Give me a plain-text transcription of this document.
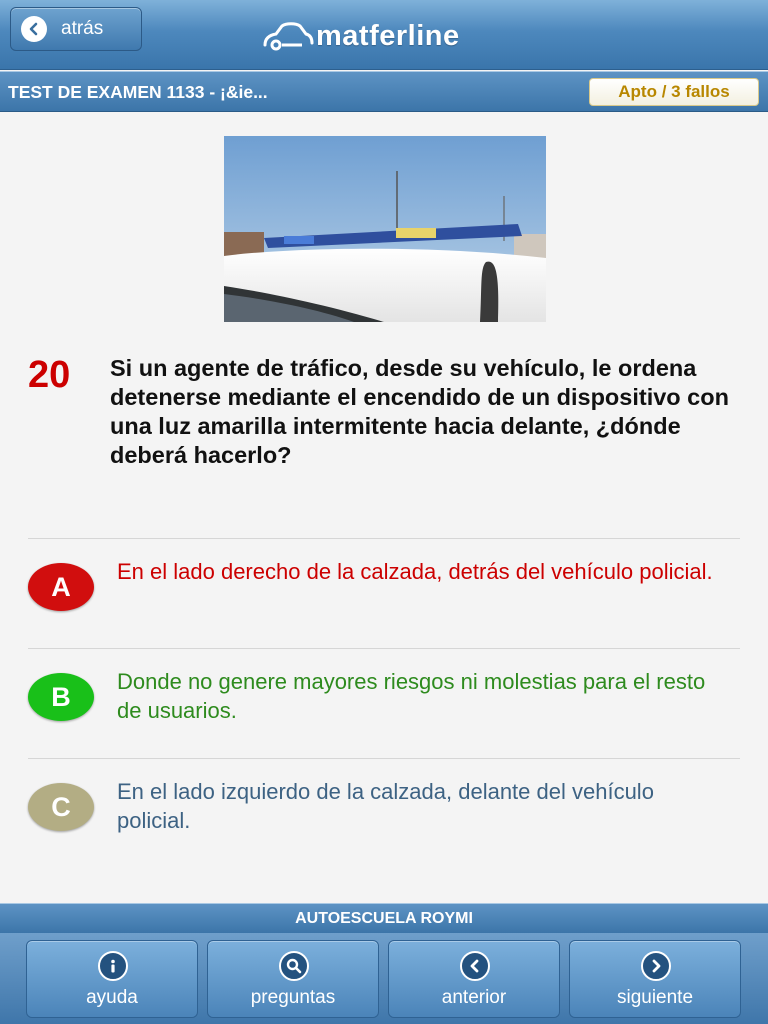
atrás	matferline
TEST DE EXAMEN 1133 - ¡&ie...	Apto / 3 fallos
20 Si un agente de tráfico, desde su vehículo, le ordena detenerse mediante el encendido de un dispositivo con una luz amarilla intermitente hacia delante, ¿dónde deberá hacerlo?
A	En el lado derecho de la calzada, detrás del vehículo policial.
B	Donde no genere mayores riesgos ni molestias para el resto de usuarios.
C	En el lado izquierdo de la calzada, delante del vehículo policial.
AUTOESCUELA ROYMI
ayuda	preguntas	anterior	siguiente
